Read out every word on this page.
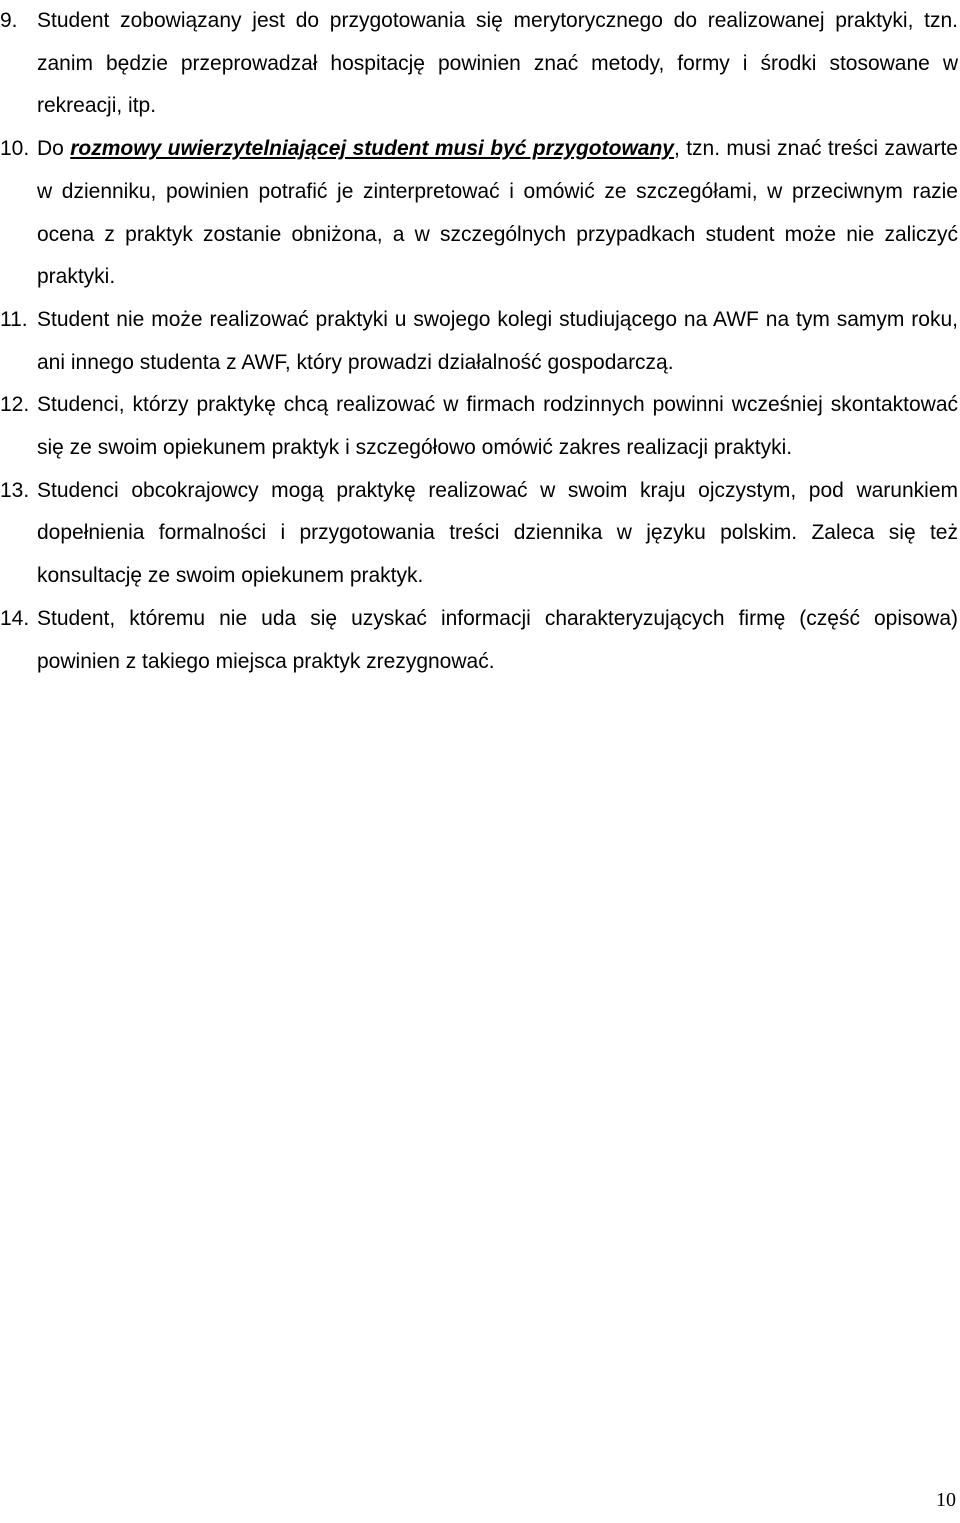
9. Student zobowiązany jest do przygotowania się merytorycznego do realizowanej praktyki, tzn. zanim będzie przeprowadzał hospitację powinien znać metody, formy i środki stosowane w rekreacji, itp.
10. Do rozmowy uwierzytelniającej student musi być przygotowany, tzn. musi znać treści zawarte w dzienniku, powinien potrafić je zinterpretować i omówić ze szczegółami, w przeciwnym razie ocena z praktyk zostanie obniżona, a w szczególnych przypadkach student może nie zaliczyć praktyki.
11. Student nie może realizować praktyki u swojego kolegi studiującego na AWF na tym samym roku, ani innego studenta z AWF, który prowadzi działalność gospodarczą.
12. Studenci, którzy praktykę chcą realizować w firmach rodzinnych powinni wcześniej skontaktować się ze swoim opiekunem praktyk i szczegółowo omówić zakres realizacji praktyki.
13. Studenci obcokrajowcy mogą praktykę realizować w swoim kraju ojczystym, pod warunkiem dopełnienia formalności i przygotowania treści dziennika w języku polskim. Zaleca się też konsultację ze swoim opiekunem praktyk.
14. Student, któremu nie uda się uzyskać informacji charakteryzujących firmę (część opisowa) powinien z takiego miejsca praktyk zrezygnować.
10
